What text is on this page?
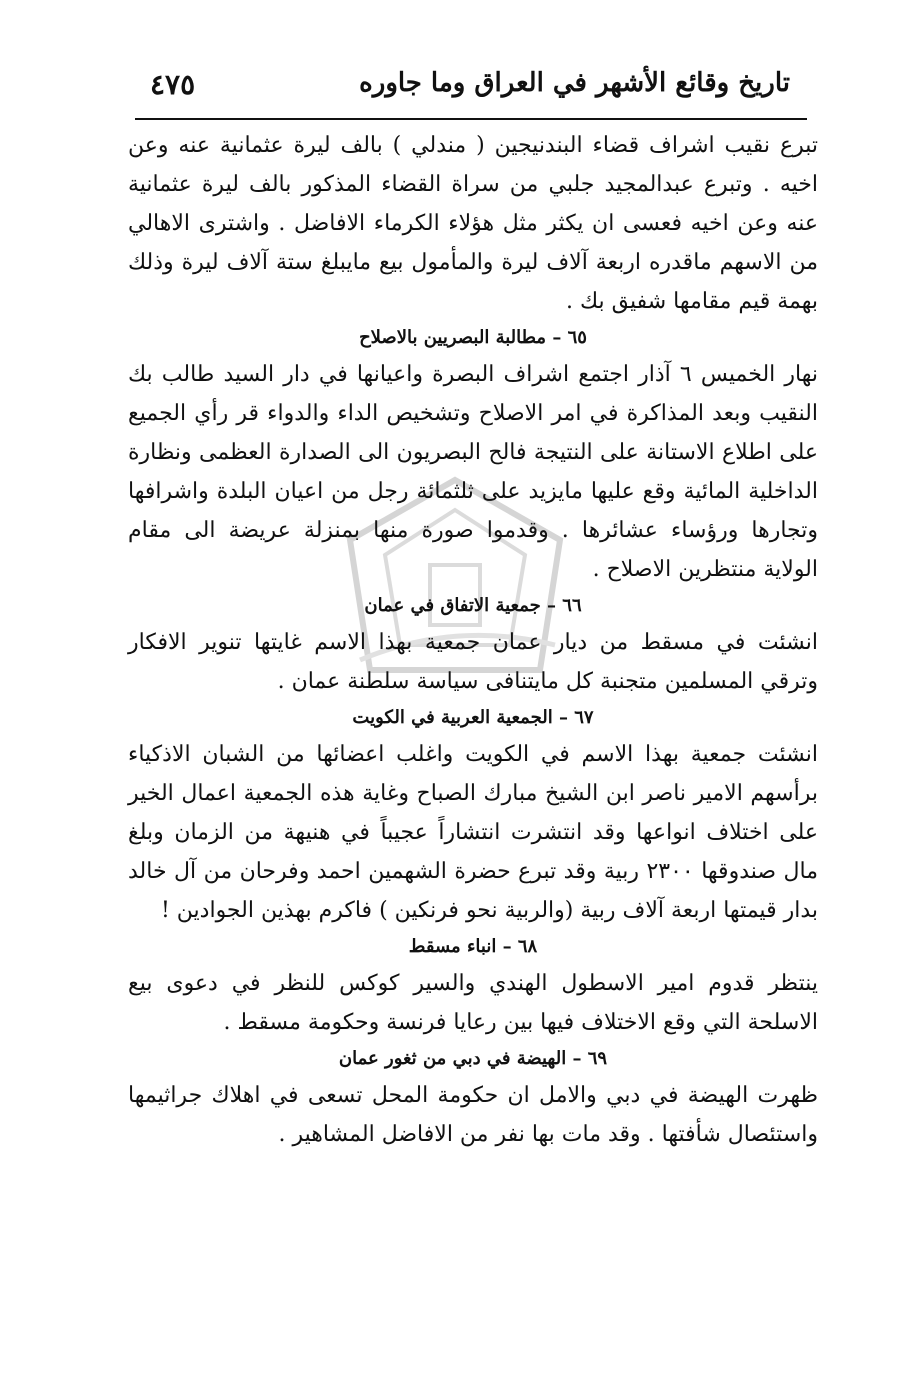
تاريخ وقائع الأشهر في العراق وما جاوره
٤٧٥

تبرع نقيب اشراف قضاء البندنيجين ( مندلي ) بالف ليرة عثمانية عنه وعن اخيه . وتبرع عبدالمجيد جلبي من سراة القضاء المذكور بالف ليرة عثمانية عنه وعن اخيه فعسى ان يكثر مثل هؤلاء الكرماء الافاضل . واشترى الاهالي من الاسهم ماقدره اربعة آلاف ليرة والمأمول بيع مايبلغ ستة آلاف ليرة وذلك بهمة قيم مقامها شفيق بك .

٦٥ – مطالبة البصريين بالاصلاح

نهار الخميس ٦ آذار اجتمع اشراف البصرة واعيانها في دار السيد طالب بك النقيب وبعد المذاكرة في امر الاصلاح وتشخيص الداء والدواء قر رأي الجميع على اطلاع الاستانة على النتيجة فالح البصريون الى الصدارة العظمى ونظارة الداخلية المائية وقع عليها مايزيد على ثلثمائة رجل من اعيان البلدة واشرافها وتجارها ورؤساء عشائرها . وقدموا صورة منها بمنزلة عريضة الى مقام الولاية منتظرين الاصلاح .

٦٦ – جمعية الاتفاق في عمان

انشئت في مسقط من ديار عمان جمعية بهذا الاسم غايتها تنوير الافكار وترقي المسلمين متجنبة كل مايتنافى سياسة سلطنة عمان .

٦٧ – الجمعية العربية في الكويت

انشئت جمعية بهذا الاسم في الكويت واغلب اعضائها من الشبان الاذكياء برأسهم الامير ناصر ابن الشيخ مبارك الصباح وغاية هذه الجمعية اعمال الخير على اختلاف انواعها وقد انتشرت انتشاراً عجيباً في هنيهة من الزمان وبلغ مال صندوقها ٢٣٠٠ ربية وقد تبرع حضرة الشهمين احمد وفرحان من آل خالد بدار قيمتها اربعة آلاف ربية (والربية نحو فرنكين ) فاكرم بهذين الجوادين !

٦٨ – انباء مسقط

ينتظر قدوم امير الاسطول الهندي والسير كوكس للنظر في دعوى بيع الاسلحة التي وقع الاختلاف فيها بين رعايا فرنسة وحكومة مسقط .

٦٩ – الهيضة في دبي من ثغور عمان

ظهرت الهيضة في دبي والامل ان حكومة المحل تسعى في اهلاك جراثيمها واستئصال شأفتها . وقد مات بها نفر من الافاضل المشاهير .
